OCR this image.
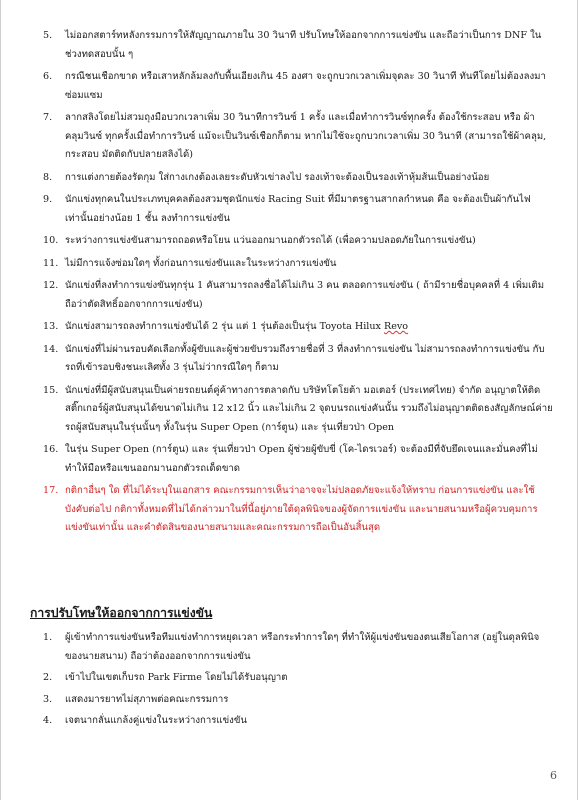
5. ไม่ออกสตาร์ทหลังกรรมการให้สัญญาณภายใน 30 วินาที ปรับโทษให้ออกจากการแข่งขัน และถือว่าเป็นการ DNF ในช่วงทดสอบนั้น ๆ
6. กรณีชนเชือกขาด หรือเสาหลักล้มลงกับพื้นเอียงเกิน 45 องศา จะถูกบวกเวลาเพิ่มจุดละ 30 วินาที ทันทีโดยไม่ต้องลงมาซ่อมแซม
7. ลากสลิงโดยไม่สวมถุงมือบวกเวลาเพิ่ม 30 วินาทีการวินซ์ 1 ครั้ง และเมื่อทำการวินซ์ทุกครั้ง ต้องใช้กระสอบ หรือ ผ้าคลุมวินซ์ ทุกครั้งเมื่อทำการวินซ์ แม้จะเป็นวินซ์เชือกก็ตาม หากไม่ใช้จะถูกบวกเวลาเพิ่ม 30 วินาที (สามารถใช้ผ้าคลุม, กระสอบ มัดติดกับปลายสลิงได้)
8. การแต่งกายต้องรัดกุม ใส่กางเกงต้องเลยระดับหัวเข่าลงไป รองเท้าจะต้องเป็นรองเท้าหุ้มส้นเป็นอย่างน้อย
9. นักแข่งทุกคนในประเภทบุคคลต้องสวมชุดนักแข่ง Racing Suit ที่มีมาตรฐานสากลกำหนด คือ จะต้องเป็นผ้ากันไฟเท่านั้นอย่างน้อย 1 ชั้น ลงทำการแข่งขัน
10. ระหว่างการแข่งขันสามารถถอดหรือโยน แว่นออกมานอกตัวรถได้ (เพื่อความปลอดภัยในการแข่งขัน)
11. ไม่มีการแจ้งซ่อมใดๆ ทั้งก่อนการแข่งขันและในระหว่างการแข่งขัน
12. นักแข่งที่ลงทำการแข่งขันทุกรุ่น 1 คันสามารถลงชื่อได้ไม่เกิน 3 คน ตลอดการแข่งขัน ( ถ้ามีรายชื่อบุคคลที่ 4 เพิ่มเติมถือว่าตัดสิทธิ์ออกจากการแข่งขัน)
13. นักแข่งสามารถลงทำการแข่งขันได้ 2 รุ่น แต่ 1 รุ่นต้องเป็นรุ่น Toyota Hilux Revo
14. นักแข่งที่ไม่ผ่านรอบคัดเลือกทั้งผู้ขับและผู้ช่วยขับรวมถึงรายชื่อที่ 3 ที่ลงทำการแข่งขัน ไม่สามารถลงทำการแข่งขัน กับรถที่เข้ารอบชิงชนะเลิศทั้ง 3 รุ่นไม่ว่ากรณีใดๆ ก็ตาม
15. นักแข่งที่มีผู้สนับสนุนเป็นค่ายรถยนต์คู่ค้าทางการตลาดกับ บริษัทโตโยต้า มอเตอร์ (ประเทศไทย) จำกัด อนุญาตให้ติดสติ๊กเกอร์ผู้สนับสนุนได้ขนาดไม่เกิน 12 x12 นิ้ว และไม่เกิน 2 จุดบนรถแข่งคันนั้น รวมถึงไม่อนุญาตติดธงสัญลักษณ์ค่ายรถผู้สนับสนุนในรุ่นนั้นๆ ทั้งในรุ่น Super Open (การ์ตูน) และ รุ่นเที่ยวป่า Open
16. ในรุ่น Super Open (การ์ตูน) และ รุ่นเที่ยวป่า Open ผู้ช่วยผู้ขับขี่ (โค-ไดรเวอร์) จะต้องมีที่จับยึดเจนและมั่นคงที่ไม่ทำให้มือหรือแขนออกมานอกตัวรถเด็ดขาด
17. กติกาอื่นๆ ใด ที่ไม่ได้ระบุในเอกสาร คณะกรรมการเห็นว่าอาจจะไม่ปลอดภัยจะแจ้งให้ทราบ ก่อนการแข่งขัน และใช้บังคับต่อไป กติกาทั้งหมดที่ไม่ได้กล่าวมาในที่นี้อยู่ภายใต้ดุลพินิจของผู้จัดการแข่งขัน และนายสนามหรือผู้ควบคุมการแข่งขันเท่านั้น และคำตัดสินของนายสนามและคณะกรรมการถือเป็นอันสิ้นสุด
การปรับโทษให้ออกจากการแข่งขัน
1. ผู้เข้าทำการแข่งขันหรือทีมแข่งทำการหยุดเวลา หรือกระทำการใดๆ ที่ทำให้ผู้แข่งขันของตนเสียโอกาส (อยู่ในดุลพินิจของนายสนาม) ถือว่าต้องออกจากการแข่งขัน
2. เข้าไปในเขตเก็บรถ Park Firme โดยไม่ได้รับอนุญาต
3. แสดงมารยาทไม่สุภาพต่อคณะกรรมการ
4. เจตนากลั่นแกล้งคู่แข่งในระหว่างการแข่งขัน
6
